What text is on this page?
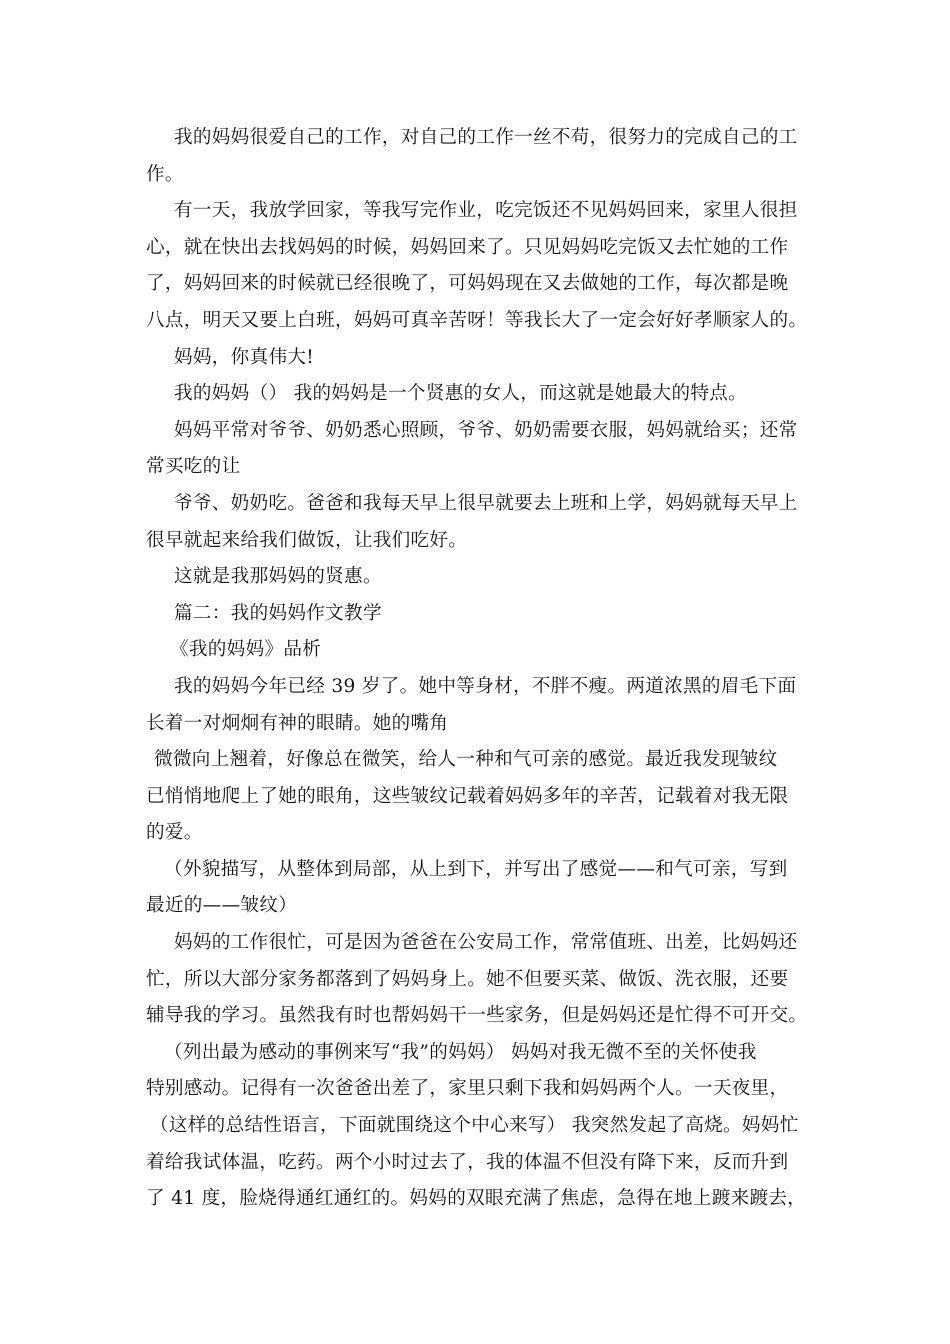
我的妈妈很爱自己的工作，对自己的工作一丝不苟，很努力的完成自己的工
作。
有一天，我放学回家，等我写完作业，吃完饭还不见妈妈回来，家里人很担
心，就在快出去找妈妈的时候，妈妈回来了。只见妈妈吃完饭又去忙她的工作
了，妈妈回来的时候就已经很晚了，可妈妈现在又去做她的工作，每次都是晚
八点，明天又要上白班，妈妈可真辛苦呀！等我长大了一定会好好孝顺家人的。
妈妈，你真伟大!
我的妈妈（） 我的妈妈是一个贤惠的女人，而这就是她最大的特点。
妈妈平常对爷爷、奶奶悉心照顾，爷爷、奶奶需要衣服，妈妈就给买；还常
常买吃的让
爷爷、奶奶吃。爸爸和我每天早上很早就要去上班和上学，妈妈就每天早上
很早就起来给我们做饭，让我们吃好。
这就是我那妈妈的贤惠。
篇二：我的妈妈作文教学
《我的妈妈》品析
我的妈妈今年已经 39 岁了。她中等身材，不胖不瘦。两道浓黑的眉毛下面
长着一对炯炯有神的眼睛。她的嘴角
微微向上翘着，好像总在微笑，给人一种和气可亲的感觉。最近我发现皱纹
已悄悄地爬上了她的眼角，这些皱纹记载着妈妈多年的辛苦，记载着对我无限
的爱。
（外貌描写，从整体到局部，从上到下，并写出了感觉——和气可亲，写到
最近的——皱纹）
妈妈的工作很忙，可是因为爸爸在公安局工作，常常值班、出差，比妈妈还
忙，所以大部分家务都落到了妈妈身上。她不但要买菜、做饭、洗衣服，还要
辅导我的学习。虽然我有时也帮妈妈干一些家务，但是妈妈还是忙得不可开交。
（列出最为感动的事例来写“我”的妈妈） 妈妈对我无微不至的关怀使我
特别感动。记得有一次爸爸出差了，家里只剩下我和妈妈两个人。一天夜里，
（这样的总结性语言，下面就围绕这个中心来写） 我突然发起了高烧。妈妈忙
着给我试体温，吃药。两个小时过去了，我的体温不但没有降下来，反而升到
了 41 度，脸烧得通红通红的。妈妈的双眼充满了焦虑，急得在地上踱来踱去，
